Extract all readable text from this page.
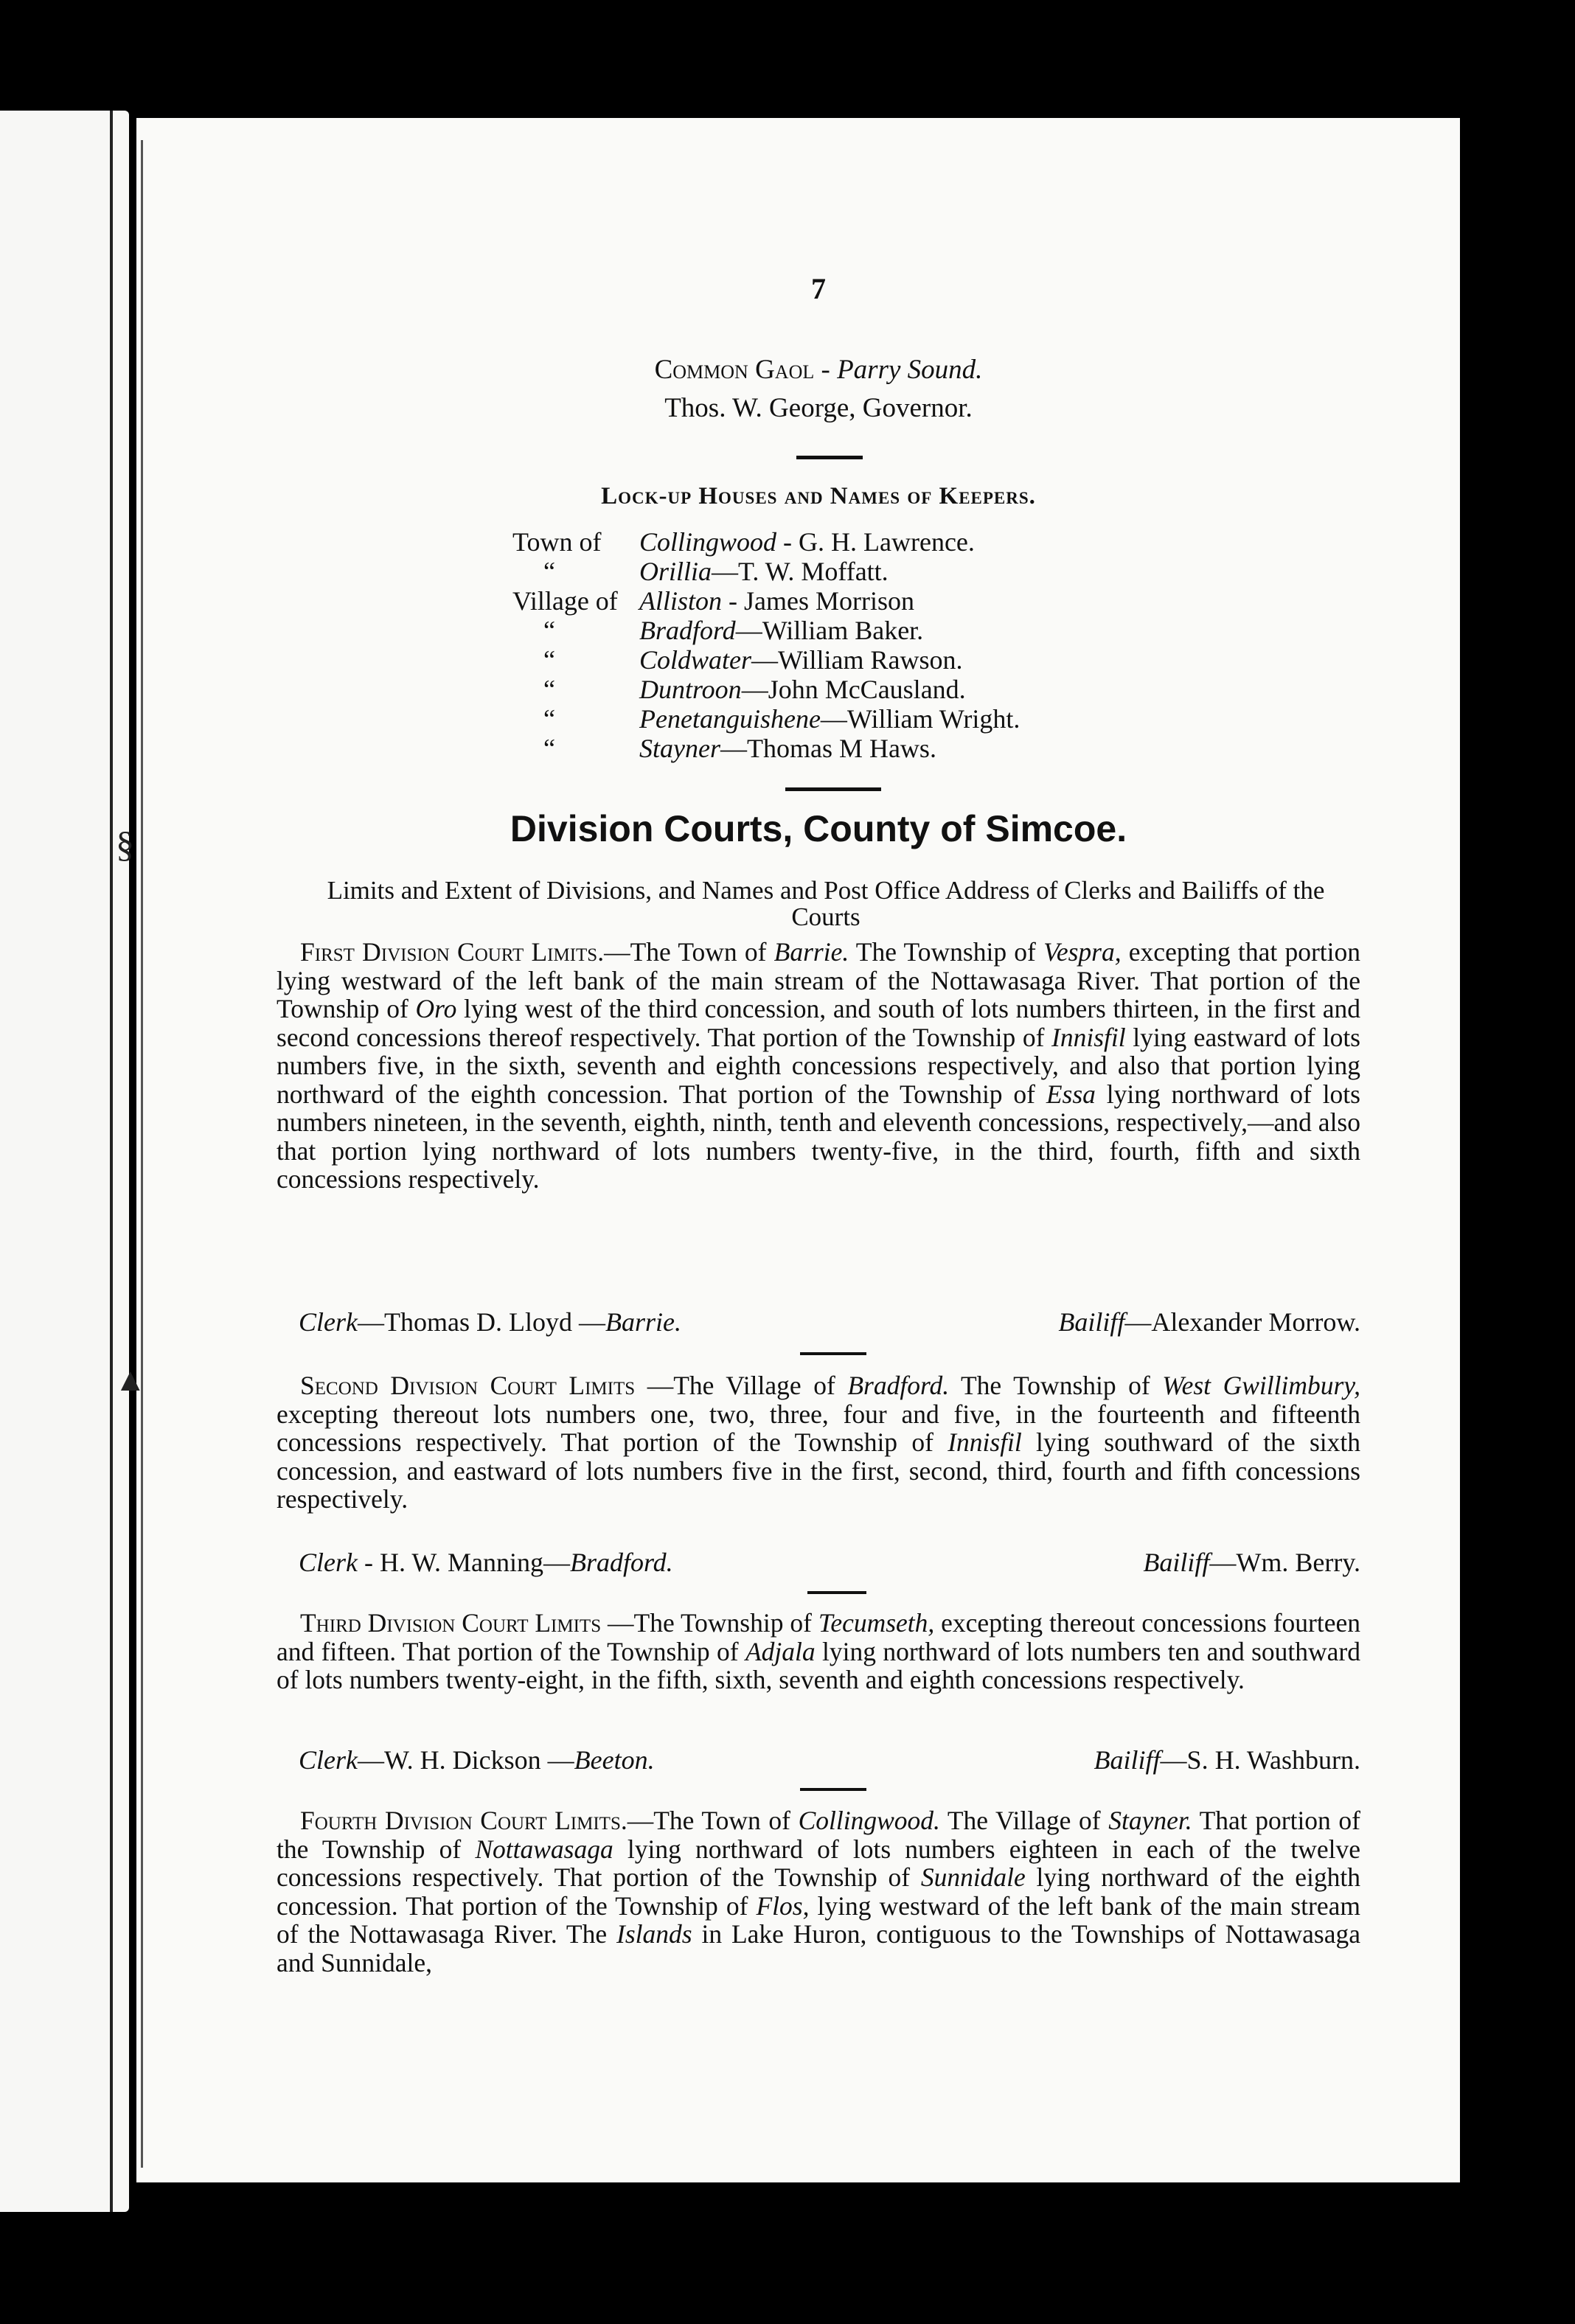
§
▲
7
Common Gaol - Parry Sound.
Thos. W. George, Governor.
Lock-up Houses and Names of Keepers.
Town of Collingwood - G. H. Lawrence.
“	Orillia—T. W. Moffatt.
Village of Alliston - James Morrison
“	Bradford—William Baker.
“	Coldwater—William Rawson.
“	Duntroon—John McCausland.
“	Penetanguishene—William Wright.
“	Stayner—Thomas M Haws.
Division Courts, County of Simcoe.
Limits and Extent of Divisions, and Names and Post Office Address of Clerks and Bailiffs of the Courts
First Division Court Limits.—The Town of Barrie. The Township of Vespra, excepting that portion lying westward of the left bank of the main stream of the Nottawasaga River. That portion of the Township of Oro lying west of the third concession, and south of lots numbers thirteen, in the first and second concessions thereof respectively. That portion of the Township of Innisfil lying eastward of lots numbers five, in the sixth, seventh and eighth concessions respectively, and also that portion lying northward of the eighth concession. That portion of the Township of Essa lying northward of lots numbers nineteen, in the seventh, eighth, ninth, tenth and eleventh concessions, respectively,—and also that portion lying northward of lots numbers twenty-five, in the third, fourth, fifth and sixth concessions respectively.
Clerk—Thomas D. Lloyd —Barrie.	Bailiff—Alexander Morrow.
Second Division Court Limits —The Village of Bradford. The Township of West Gwillimbury, excepting thereout lots numbers one, two, three, four and five, in the fourteenth and fifteenth concessions respectively. That portion of the Township of Innisfil lying southward of the sixth concession, and eastward of lots numbers five in the first, second, third, fourth and fifth concessions respectively.
Clerk - H. W. Manning—Bradford.	Bailiff—Wm. Berry.
Third Division Court Limits —The Township of Tecumseth, excepting thereout concessions fourteen and fifteen. That portion of the Township of Adjala lying northward of lots numbers ten and southward of lots numbers twenty-eight, in the fifth, sixth, seventh and eighth concessions respectively.
Clerk—W. H. Dickson —Beeton.	Bailiff—S. H. Washburn.
Fourth Division Court Limits.—The Town of Collingwood. The Village of Stayner. That portion of the Township of Nottawasaga lying northward of lots numbers eighteen in each of the twelve concessions respectively. That portion of the Township of Sunnidale lying northward of the eighth concession. That portion of the Township of Flos, lying westward of the left bank of the main stream of the Nottawasaga River. The Islands in Lake Huron, contiguous to the Townships of Nottawasaga and Sunnidale,
